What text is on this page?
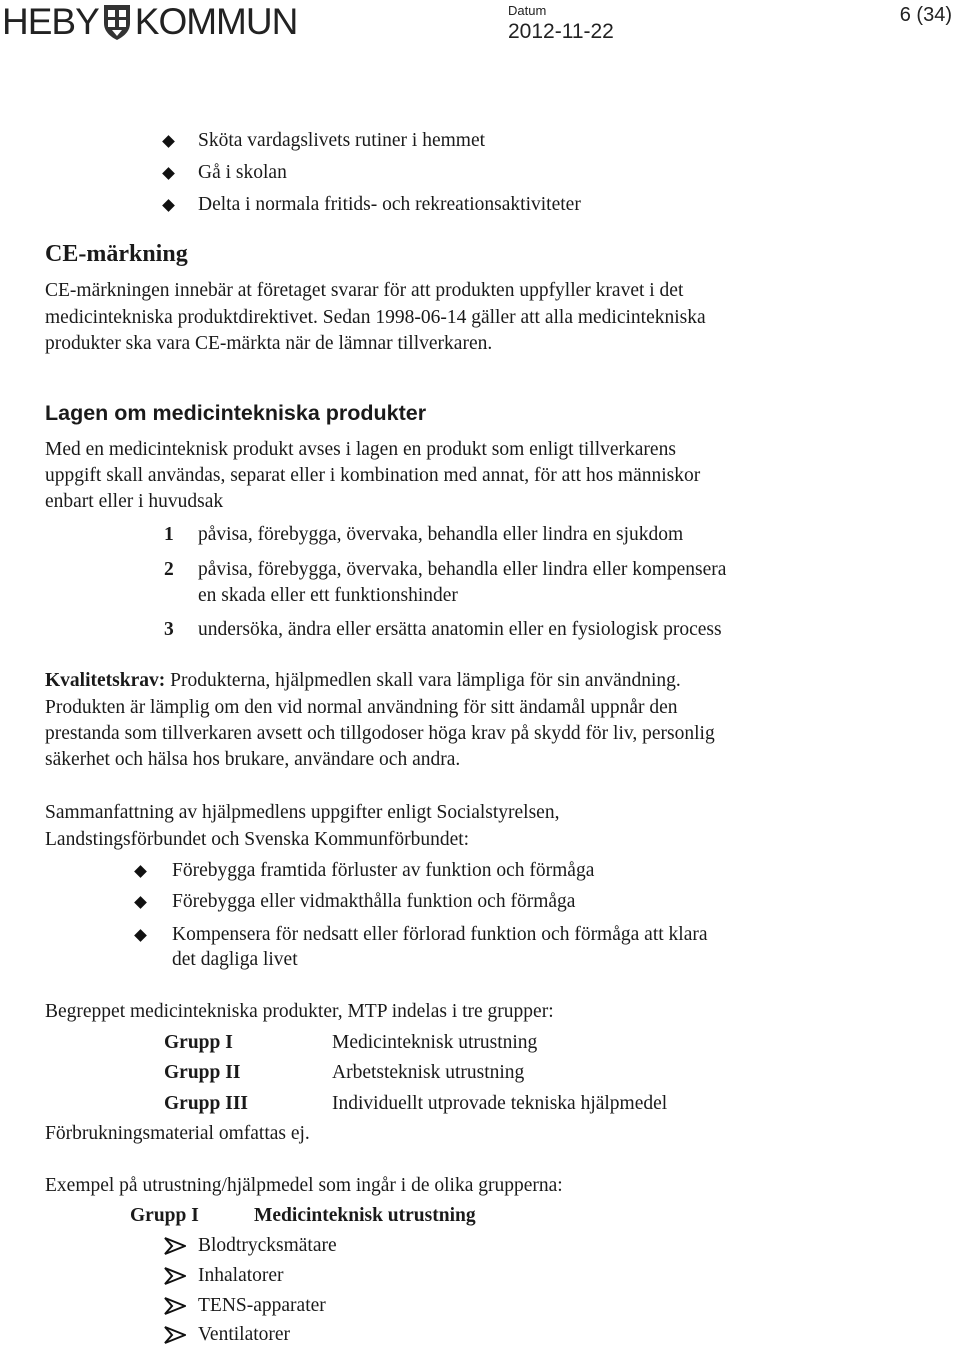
HEBY KOMMUN	Datum
2012-11-22
6 (34)
Sköta vardagslivets rutiner i hemmet
Gå i skolan
Delta i normala fritids- och rekreationsaktiviteter
CE-märkning
CE-märkningen innebär at företaget svarar för att produkten uppfyller kravet i det
medicintekniska produktdirektivet. Sedan 1998-06-14 gäller att alla medicintekniska
produkter ska vara CE-märkta när de lämnar tillverkaren.
Lagen om medicintekniska produkter
Med en medicinteknisk produkt avses i lagen en produkt som enligt tillverkarens
uppgift skall användas, separat eller i kombination med annat, för att hos människor
enbart eller i huvudsak
1 påvisa, förebygga, övervaka, behandla eller lindra en sjukdom
2 påvisa, förebygga, övervaka, behandla eller lindra eller kompensera
en skada eller ett funktionshinder
3 undersöka, ändra eller ersätta anatomin eller en fysiologisk process
Kvalitetskrav: Produkterna, hjälpmedlen skall vara lämpliga för sin användning.
Produkten är lämplig om den vid normal användning för sitt ändamål uppnår den
prestanda som tillverkaren avsett och tillgodoser höga krav på skydd för liv, personlig
säkerhet och hälsa hos brukare, användare och andra.
Sammanfattning av hjälpmedlens uppgifter enligt Socialstyrelsen,
Landstingsförbundet och Svenska Kommunförbundet:
Förebygga framtida förluster av funktion och förmåga
Förebygga eller vidmakthålla funktion och förmåga
Kompensera för nedsatt eller förlorad funktion och förmåga att klara
det dagliga livet
Begreppet medicintekniska produkter, MTP indelas i tre grupper:
Grupp I	Medicinteknisk utrustning
Grupp II	Arbetsteknisk utrustning
Grupp III	Individuellt utprovade tekniska hjälpmedel
Förbrukningsmaterial omfattas ej.
Exempel på utrustning/hjälpmedel som ingår i de olika grupperna:
Grupp I	Medicinteknisk utrustning
Blodtrycksmätare
Inhalatorer
TENS-apparater
Ventilatorer
